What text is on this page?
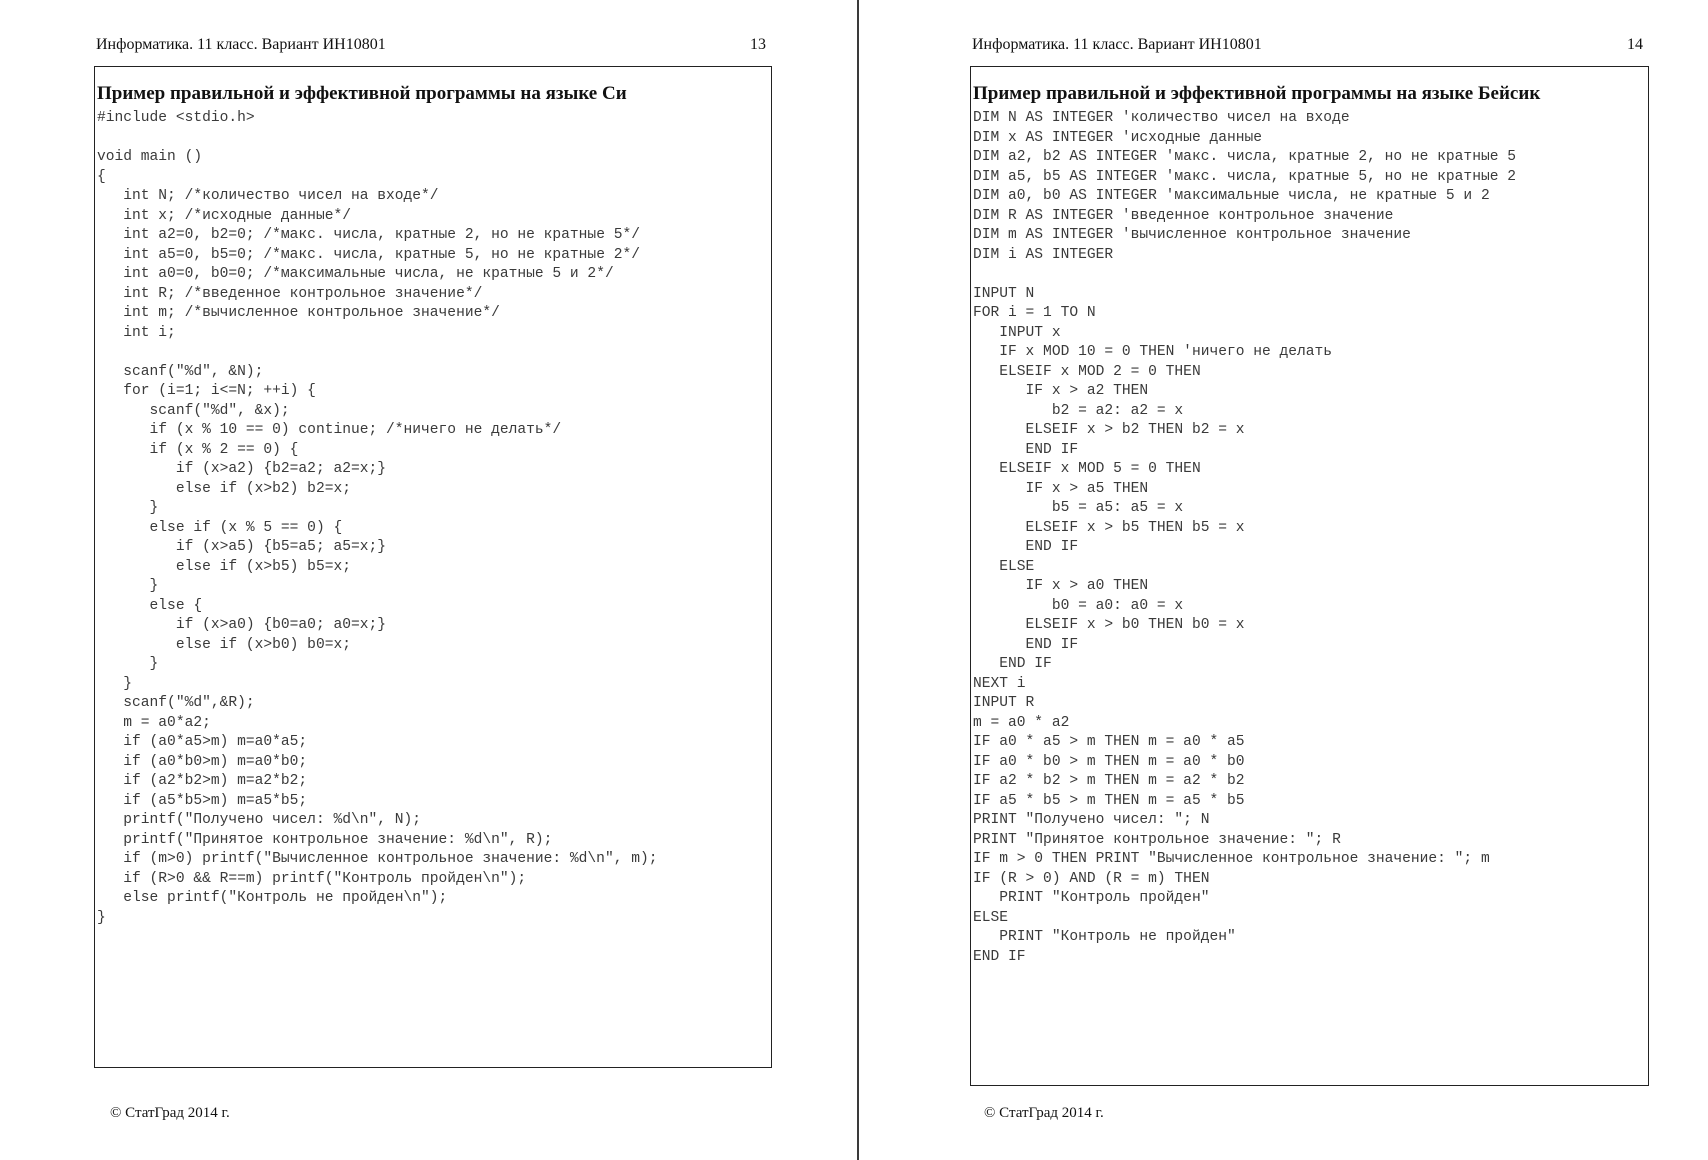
Информатика. 11 класс. Вариант ИН10801	13
Пример правильной и эффективной программы на языке Си
#include <stdio.h>
void main ()
{
int N; /*количество чисел на входе*/
int x; /*исходные данные*/
int a2=0, b2=0; /*макс. числа, кратные 2, но не кратные 5*/
int a5=0, b5=0; /*макс. числа, кратные 5, но не кратные 2*/
int a0=0, b0=0; /*максимальные числа, не кратные 5 и 2*/
int R; /*введенное контрольное значение*/
int m; /*вычисленное контрольное значение*/
int i;
scanf("%d", &N);
for (i=1; i<=N; ++i) {
scanf("%d", &x);
if (x % 10 == 0) continue; /*ничего не делать*/
if (x % 2 == 0) {
if (x>a2) {b2=a2; a2=x;}
else if (x>b2) b2=x;
}
else if (x % 5 == 0) {
if (x>a5) {b5=a5; a5=x;}
else if (x>b5) b5=x;
}
else {
if (x>a0) {b0=a0; a0=x;}
else if (x>b0) b0=x;
}
}
scanf("%d",&R);
m = a0*a2;
if (a0*a5>m) m=a0*a5;
if (a0*b0>m) m=a0*b0;
if (a2*b2>m) m=a2*b2;
if (a5*b5>m) m=a5*b5;
printf("Получено чисел: %d\n", N);
printf("Принятое контрольное значение: %d\n", R);
if (m>0) printf("Вычисленное контрольное значение: %d\n", m);
if (R>0 && R==m) printf("Контроль пройден\n");
else printf("Контроль не пройден\n");
}
© СтатГрад 2014 г.
Информатика. 11 класс. Вариант ИН10801	14
Пример правильной и эффективной программы на языке Бейсик
DIM N AS INTEGER 'количество чисел на входе
DIM x AS INTEGER 'исходные данные
DIM a2, b2 AS INTEGER 'макс. числа, кратные 2, но не кратные 5
DIM a5, b5 AS INTEGER 'макс. числа, кратные 5, но не кратные 2
DIM a0, b0 AS INTEGER 'максимальные числа, не кратные 5 и 2
DIM R AS INTEGER 'введенное контрольное значение
DIM m AS INTEGER 'вычисленное контрольное значение
DIM i AS INTEGER
INPUT N
FOR i = 1 TO N
INPUT x
IF x MOD 10 = 0 THEN 'ничего не делать
ELSEIF x MOD 2 = 0 THEN
IF x > a2 THEN
b2 = a2: a2 = x
ELSEIF x > b2 THEN b2 = x
END IF
ELSEIF x MOD 5 = 0 THEN
IF x > a5 THEN
b5 = a5: a5 = x
ELSEIF x > b5 THEN b5 = x
END IF
ELSE
IF x > a0 THEN
b0 = a0: a0 = x
ELSEIF x > b0 THEN b0 = x
END IF
END IF
NEXT i
INPUT R
m = a0 * a2
IF a0 * a5 > m THEN m = a0 * a5
IF a0 * b0 > m THEN m = a0 * b0
IF a2 * b2 > m THEN m = a2 * b2
IF a5 * b5 > m THEN m = a5 * b5
PRINT "Получено чисел: "; N
PRINT "Принятое контрольное значение: "; R
IF m > 0 THEN PRINT "Вычисленное контрольное значение: "; m
IF (R > 0) AND (R = m) THEN
PRINT "Контроль пройден"
ELSE
PRINT "Контроль не пройден"
END IF
© СтатГрад 2014 г.
